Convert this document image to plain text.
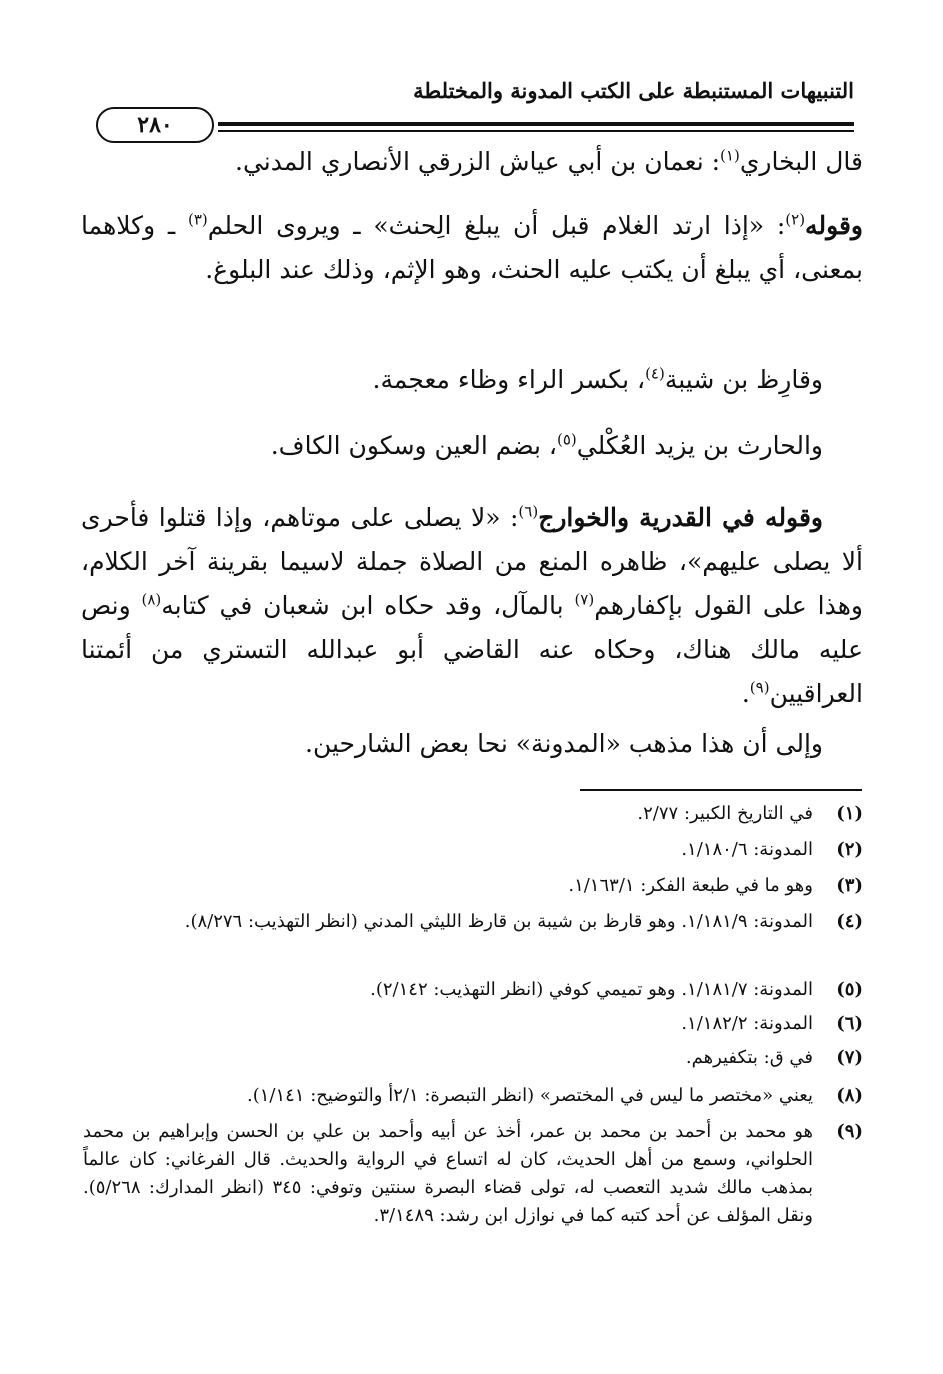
التنبيهات المستنبطة على الكتب المدونة والمختلطة
٢٨٠
قال البخاري$^{(١)}$: نعمان بن أبي عياش الزرقي الأنصاري المدني.
وقوله$^{(٢)}$: «إذا ارتد الغلام قبل أن يبلغ الِحنث» ـ ويروى الحلم$^{(٣)}$ ـ وكلاهما بمعنى، أي يبلغ أن يكتب عليه الحنث، وهو الإثم، وذلك عند البلوغ.
وقارِظ بن شيبة$^{(٤)}$، بكسر الراء وظاء معجمة.
والحارث بن يزيد العُكْلي$^{(٥)}$، بضم العين وسكون الكاف.
وقوله في القدرية والخوارج$^{(٦)}$: «لا يصلى على موتاهم، وإذا قتلوا فأحرى ألا يصلى عليهم»، ظاهره المنع من الصلاة جملة لاسيما بقرينة آخر الكلام، وهذا على القول بإكفارهم$^{(٧)}$ بالمآل، وقد حكاه ابن شعبان في كتابه$^{(٨)}$ ونص عليه مالك هناك، وحكاه عنه القاضي أبو عبدالله التستري من أئمتنا العراقيين$^{(٩)}$.
وإلى أن هذا مذهب «المدونة» نحا بعض الشارحين.
(١)
في التاريخ الكبير: ٢/٧٧.
(٢)
المدونة: ١/١٨٠/٦.
(٣)
وهو ما في طبعة الفكر: ١/١٦٣/١.
(٤)
المدونة: ١/١٨١/٩. وهو قارظ بن شيبة بن قارظ الليثي المدني (انظر التهذيب: ٨/٢٧٦).
(٥)
المدونة: ١/١٨١/٧. وهو تميمي كوفي (انظر التهذيب: ٢/١٤٢).
(٦)
المدونة: ١/١٨٢/٢.
(٧)
في ق: بتكفيرهم.
(٨)
يعني «مختصر ما ليس في المختصر» (انظر التبصرة: ٢/١أ والتوضيح: ١/١٤١).
(٩)
هو محمد بن أحمد بن محمد بن عمر، أخذ عن أبيه وأحمد بن علي بن الحسن وإبراهيم بن محمد الحلواني، وسمع من أهل الحديث، كان له اتساع في الرواية والحديث. قال الفرغاني: كان عالماً بمذهب مالك شديد التعصب له، تولى قضاء البصرة سنتين وتوفي: ٣٤٥ (انظر المدارك: ٥/٢٦٨). ونقل المؤلف عن أحد كتبه كما في نوازل ابن رشد: ٣/١٤٨٩.
